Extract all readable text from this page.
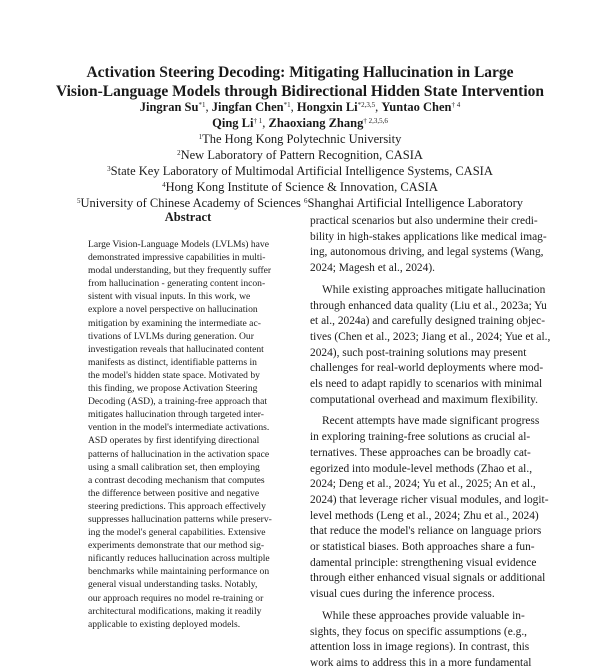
Activation Steering Decoding: Mitigating Hallucination in Large
Vision-Language Models through Bidirectional Hidden State Intervention
Jingran Su$^{*1}$, Jingfan Chen$^{*1}$, Hongxin Li$^{*2,3,5}$, Yuntao Chen$^{\dagger 4}$
Qing Li$^{\dagger 1}$, Zhaoxiang Zhang$^{\dagger 2,3,5,6}$
$^1$The Hong Kong Polytechnic University
$^2$New Laboratory of Pattern Recognition, CASIA
$^3$State Key Laboratory of Multimodal Artificial Intelligence Systems, CASIA
$^4$Hong Kong Institute of Science & Innovation, CASIA
$^5$University of Chinese Academy of Sciences $^6$Shanghai Artificial Intelligence Laboratory
Abstract
Large Vision-Language Models (LVLMs) have
demonstrated impressive capabilities in multi-
modal understanding, but they frequently suffer
from hallucination - generating content incon-
sistent with visual inputs. In this work, we
explore a novel perspective on hallucination
mitigation by examining the intermediate ac-
tivations of LVLMs during generation. Our
investigation reveals that hallucinated content
manifests as distinct, identifiable patterns in
the model's hidden state space. Motivated by
this finding, we propose Activation Steering
Decoding (ASD), a training-free approach that
mitigates hallucination through targeted inter-
vention in the model's intermediate activations.
ASD operates by first identifying directional
patterns of hallucination in the activation space
using a small calibration set, then employing
a contrast decoding mechanism that computes
the difference between positive and negative
steering predictions. This approach effectively
suppresses hallucination patterns while preserv-
ing the model's general capabilities. Extensive
experiments demonstrate that our method sig-
nificantly reduces hallucination across multiple
benchmarks while maintaining performance on
general visual understanding tasks. Notably,
our approach requires no model re-training or
architectural modifications, making it readily
applicable to existing deployed models.

practical scenarios but also undermine their credi-
bility in high-stakes applications like medical imag-
ing, autonomous driving, and legal systems (Wang,
2024; Magesh et al., 2024).

While existing approaches mitigate hallucination
through enhanced data quality (Liu et al., 2023a; Yu
et al., 2024a) and carefully designed training objec-
tives (Chen et al., 2023; Jiang et al., 2024; Yue et al.,
2024), such post-training solutions may present
challenges for real-world deployments where mod-
els need to adapt rapidly to scenarios with minimal
computational overhead and maximum flexibility.

Recent attempts have made significant progress
in exploring training-free solutions as crucial al-
ternatives. These approaches can be broadly cat-
egorized into module-level methods (Zhao et al.,
2024; Deng et al., 2024; Yu et al., 2025; An et al.,
2024) that leverage richer visual modules, and logit-
level methods (Leng et al., 2024; Zhu et al., 2024)
that reduce the model's reliance on language priors
or statistical biases. Both approaches share a fun-
damental principle: strengthening visual evidence
through either enhanced visual signals or additional
visual cues during the inference process.

While these approaches provide valuable in-
sights, they focus on specific assumptions (e.g.,
attention loss in image regions). In contrast, this
work aims to address this in a more fundamental
